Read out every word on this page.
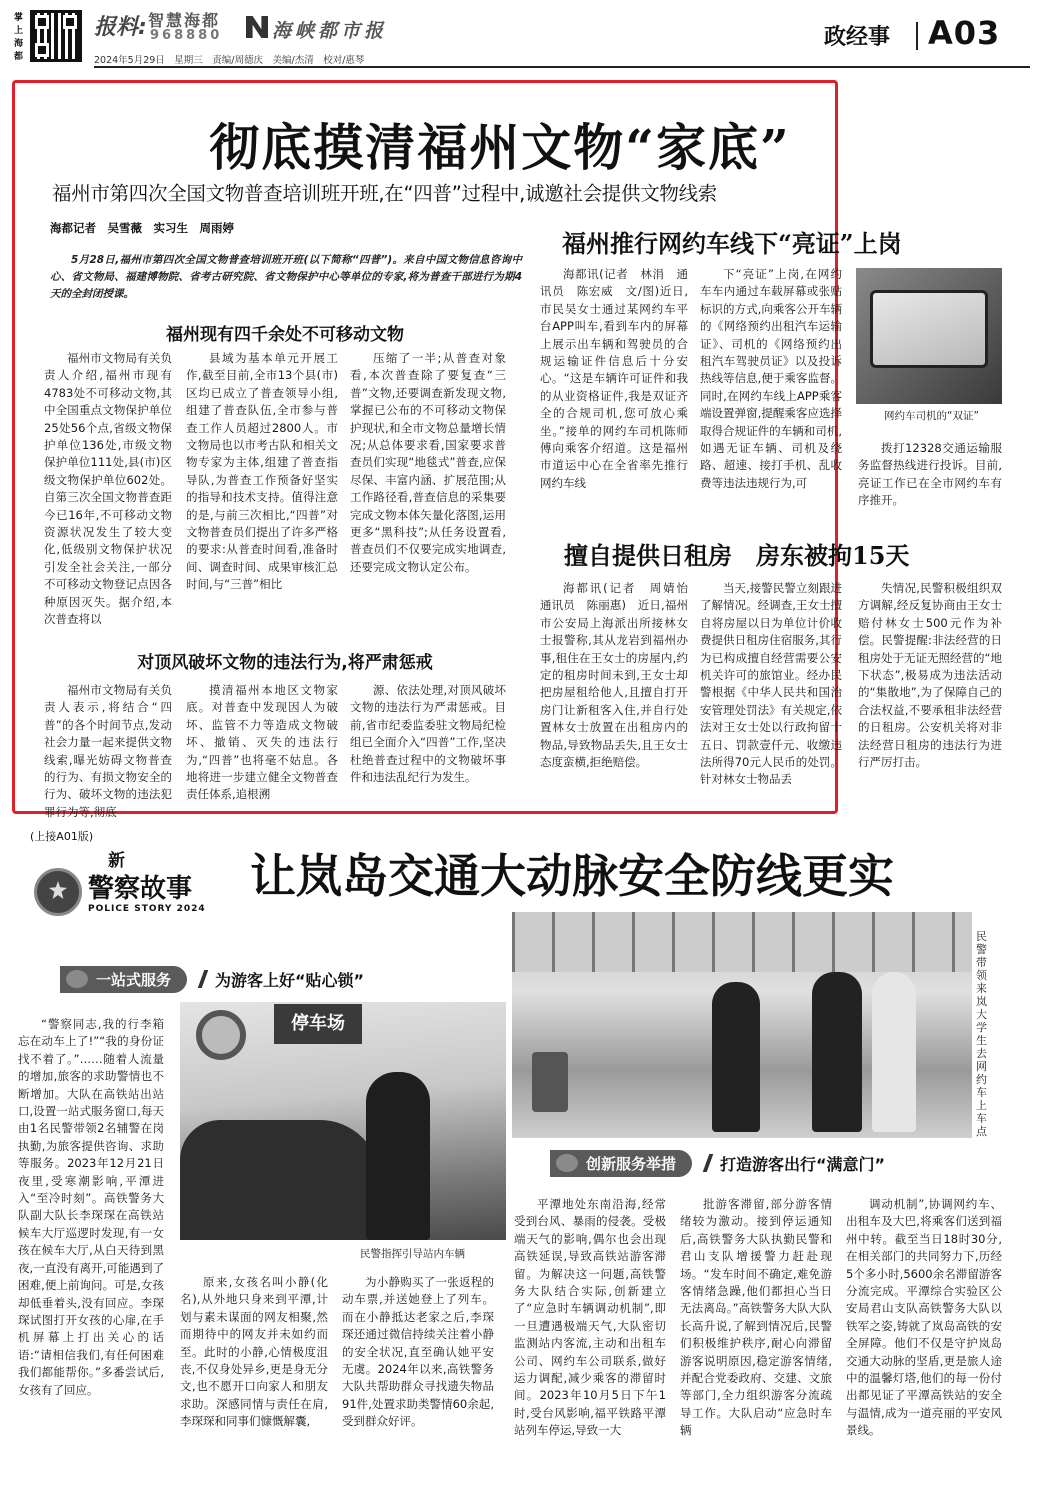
掌上海都
报料: 智慧海都
968880	海峡都市报
2024年5月29日　星期三　责编/周德庆　美编/杰清　校对/惠琴
政经事 A03
彻底摸清福州文物“家底”
福州市第四次全国文物普查培训班开班,在“四普”过程中,诚邀社会提供文物线索
海都记者　吴雪薇　实习生　周雨婷
5月28日,福州市第四次全国文物普查培训班开班(以下简称“四普”)。来自中国文物信息咨询中心、省文物局、福建博物院、省考古研究院、省文物保护中心等单位的专家,将为普查干部进行为期4天的全封闭授课。
福州现有四千余处不可移动文物

福州市文物局有关负责人介绍,福州市现有4783处不可移动文物,其中全国重点文物保护单位25处56个点,省级文物保护单位136处,市级文物保护单位111处,县(市)区级文物保护单位602处。自第三次全国文物普查距今已16年,不可移动文物资源状况发生了较大变化,低级别文物保护状况引发全社会关注,一部分不可移动文物登记点因各种原因灭失。据介绍,本次普查将以

县域为基本单元开展工作,截至目前,全市13个县(市)区均已成立了普查领导小组,组建了普查队伍,全市参与普查工作人员超过2800人。市文物局也以市考古队和相关文物专家为主体,组建了普查指导队,为普查工作预备好坚实的指导和技术支持。值得注意的是,与前三次相比,“四普”对文物普查员们提出了许多严格的要求:从普查时间看,准备时间、调查时间、成果审核汇总时间,与“三普”相比

压缩了一半;从普查对象看,本次普查除了要复查“三普”文物,还要调查新发现文物,掌握已公布的不可移动文物保护现状,和全市文物总量增长情况;从总体要求看,国家要求普查员们实现“地毯式”普查,应保尽保、丰富内涵、扩展范围;从工作路径看,普查信息的采集要完成文物本体矢量化落图,运用更多“黑科技”;从任务设置看,普查员们不仅要完成实地调查,还要完成文物认定公布。

对顶风破坏文物的违法行为,将严肃惩戒

福州市文物局有关负责人表示,将结合“四普”的各个时间节点,发动社会力量一起来提供文物线索,曝光妨碍文物普查的行为、有损文物安全的行为、破坏文物的违法犯罪行为等,彻底

摸清福州本地区文物家底。对普查中发现因人为破坏、监管不力等造成文物破坏、撤销、灭失的违法行为,“四普”也将毫不姑息。各地将进一步建立健全文物普查责任体系,追根溯

源、依法处理,对顶风破坏文物的违法行为严肃惩戒。目前,省市纪委监委驻文物局纪检组已全面介入“四普”工作,坚决杜绝普查过程中的文物破坏事件和违法乱纪行为发生。

福州推行网约车线下“亮证”上岗

海都讯(记者　林涓　通讯员　陈宏威　文/图)近日,市民吴女士通过某网约车平台APP叫车,看到车内的屏幕上展示出车辆和驾驶员的合规运输证件信息后十分安心。“这是车辆许可证件和我的从业资格证件,我是双证齐全的合规司机,您可放心乘坐。”接单的网约车司机陈师傅向乘客介绍道。这是福州市道运中心在全省率先推行网约车线

下“亮证”上岗,在网约车车内通过车载屏幕或张贴标识的方式,向乘客公开车辆的《网络预约出租汽车运输证》、司机的《网络预约出租汽车驾驶员证》以及投诉热线等信息,便于乘客监督。同时,在网约车线上APP乘客端设置弹窗,提醒乘客应选择取得合规证件的车辆和司机,如遇无证车辆、司机及绕路、超速、接打手机、乱收费等违法违规行为,可

网约车司机的“双证”

拨打12328交通运输服务监督热线进行投诉。目前,亮证工作已在全市网约车有序推开。

擅自提供日租房　房东被拘15天

海都讯(记者　周婧怡　通讯员　陈丽惠)　近日,福州市公安局上海派出所接林女士报警称,其从龙岩到福州办事,租住在王女士的房屋内,约定的租房时间未到,王女士却把房屋租给他人,且擅自打开房门让新租客入住,并自行处置林女士放置在出租房内的物品,导致物品丢失,且王女士态度蛮横,拒绝赔偿。

当天,接警民警立刻跟进了解情况。经调查,王女士擅自将房屋以日为单位计价收费提供日租房住宿服务,其行为已构成擅自经营需要公安机关许可的旅馆业。经办民警根据《中华人民共和国治安管理处罚法》有关规定,依法对王女士处以行政拘留十五日、罚款壹仟元、收缴违法所得70元人民币的处罚。针对林女士物品丢

失情况,民警积极组织双方调解,经反复协商由王女士赔付林女士500元作为补偿。民警提醒:非法经营的日租房处于无证无照经营的“地下状态”,极易成为违法活动的“集散地”,为了保障自己的合法权益,不要承租非法经营的日租房。公安机关将对非法经营日租房的违法行为进行严厉打击。

(上接A01版)
新
警察故事
POLICE STORY 2024
让岚岛交通大动脉安全防线更实
一站式服务	为游客上好“贴心锁”

“警察同志,我的行李箱忘在动车上了!”“我的身份证找不着了。”……随着人流量的增加,旅客的求助警情也不断增加。大队在高铁站出站口,设置一站式服务窗口,每天由1名民警带领2名辅警在岗执勤,为旅客提供咨询、求助等服务。2023年12月21日夜里,受寒潮影响,平潭进入“至冷时刻”。高铁警务大队副大队长李琛琛在高铁站候车大厅巡逻时发现,有一女孩在候车大厅,从白天待到黑夜,一直没有离开,可能遇到了困难,便上前询问。可是,女孩却低垂着头,没有回应。李琛琛试图打开女孩的心扉,在手机屏幕上打出关心的话语:“请相信我们,有任何困难我们都能帮你。”多番尝试后,女孩有了回应。

停车场
民警指挥引导站内车辆
民警带领来岚大学生去网约车上车点
创新服务举措	打造游客出行“满意门”

原来,女孩名叫小静(化名),从外地只身来到平潭,计划与素未谋面的网友相聚,然而期待中的网友并未如约而至。此时的小静,心情极度沮丧,不仅身处异乡,更是身无分文,也不愿开口向家人和朋友求助。深感同情与责任在肩,李琛琛和同事们慷慨解囊,

为小静购买了一张返程的动车票,并送她登上了列车。而在小静抵达老家之后,李琛琛还通过微信持续关注着小静的安全状况,直至确认她平安无虞。2024年以来,高铁警务大队共帮助群众寻找遗失物品91件,处置求助类警情60余起,受到群众好评。

平潭地处东南沿海,经常受到台风、暴雨的侵袭。受极端天气的影响,偶尔也会出现高铁延误,导致高铁站游客滞留。为解决这一问题,高铁警务大队结合实际,创新建立了“应急时车辆调动机制”,即一旦遭遇极端天气,大队密切监测站内客流,主动和出租车公司、网约车公司联系,做好运力调配,减少乘客的滞留时间。2023年10月5日下午1时,受台风影响,福平铁路平潭站列车停运,导致一大

批游客滞留,部分游客情绪较为激动。接到停运通知后,高铁警务大队执勤民警和君山支队增援警力赶赴现场。“发车时间不确定,难免游客情绪急躁,他们都担心当日无法离岛。”高铁警务大队大队长高升说,了解到情况后,民警们积极维护秩序,耐心向滞留游客说明原因,稳定游客情绪,并配合党委政府、交建、文旅等部门,全力组织游客分流疏导工作。大队启动“应急时车辆

调动机制”,协调网约车、出租车及大巴,将乘客们送到福州中转。截至当日18时30分,在相关部门的共同努力下,历经5个多小时,5600余名滞留游客分流完成。平潭综合实验区公安局君山支队高铁警务大队以铁军之姿,铸就了岚岛高铁的安全屏障。他们不仅是守护岚岛交通大动脉的坚盾,更是旅人途中的温馨灯塔,他们的每一份付出都见证了平潭高铁站的安全与温情,成为一道亮丽的平安风景线。
